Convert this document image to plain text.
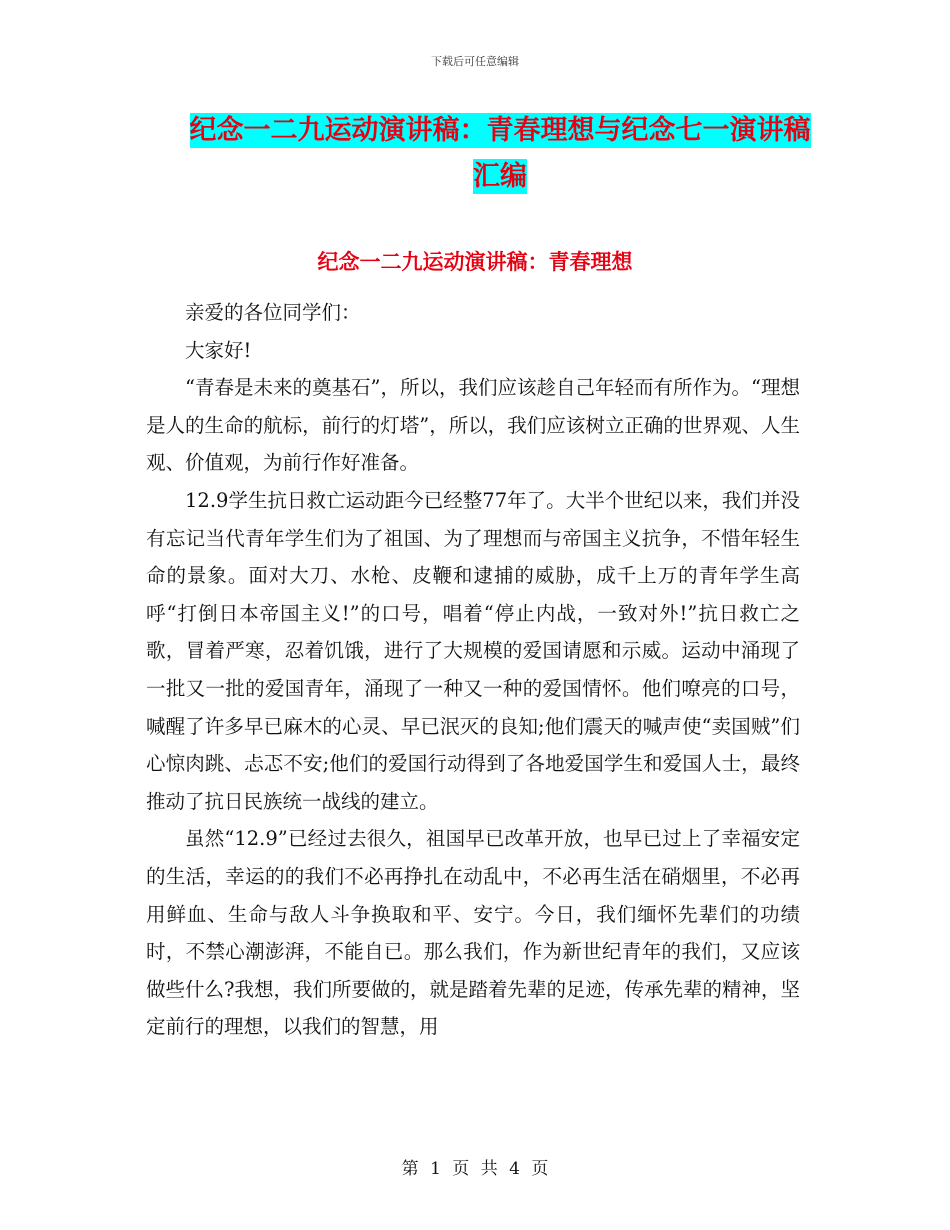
下载后可任意编辑
纪念一二九运动演讲稿：青春理想与纪念七一演讲稿
汇编
纪念一二九运动演讲稿：青春理想

亲爱的各位同学们：

大家好!

“青春是未来的奠基石”，所以，我们应该趁自己年轻而有所作为。“理想是人的生命的航标，前行的灯塔”，所以，我们应该树立正确的世界观、人生观、价值观，为前行作好准备。

12.9学生抗日救亡运动距今已经整77年了。大半个世纪以来，我们并没有忘记当代青年学生们为了祖国、为了理想而与帝国主义抗争，不惜年轻生命的景象。面对大刀、水枪、皮鞭和逮捕的威胁，成千上万的青年学生高呼“打倒日本帝国主义!”的口号，唱着“停止内战，一致对外!”抗日救亡之歌，冒着严寒，忍着饥饿，进行了大规模的爱国请愿和示威。运动中涌现了一批又一批的爱国青年，涌现了一种又一种的爱国情怀。他们嘹亮的口号，喊醒了许多早已麻木的心灵、早已泯灭的良知;他们震天的喊声使“卖国贼”们心惊肉跳、忐忑不安;他们的爱国行动得到了各地爱国学生和爱国人士，最终推动了抗日民族统一战线的建立。

虽然“12.9”已经过去很久，祖国早已改革开放，也早已过上了幸福安定的生活，幸运的的我们不必再挣扎在动乱中，不必再生活在硝烟里，不必再用鲜血、生命与敌人斗争换取和平、安宁。今日，我们缅怀先辈们的功绩时，不禁心潮澎湃，不能自已。那么我们，作为新世纪青年的我们，又应该做些什么?我想，我们所要做的，就是踏着先辈的足迹，传承先辈的精神，坚定前行的理想，以我们的智慧，用

第 1 页 共 4 页
